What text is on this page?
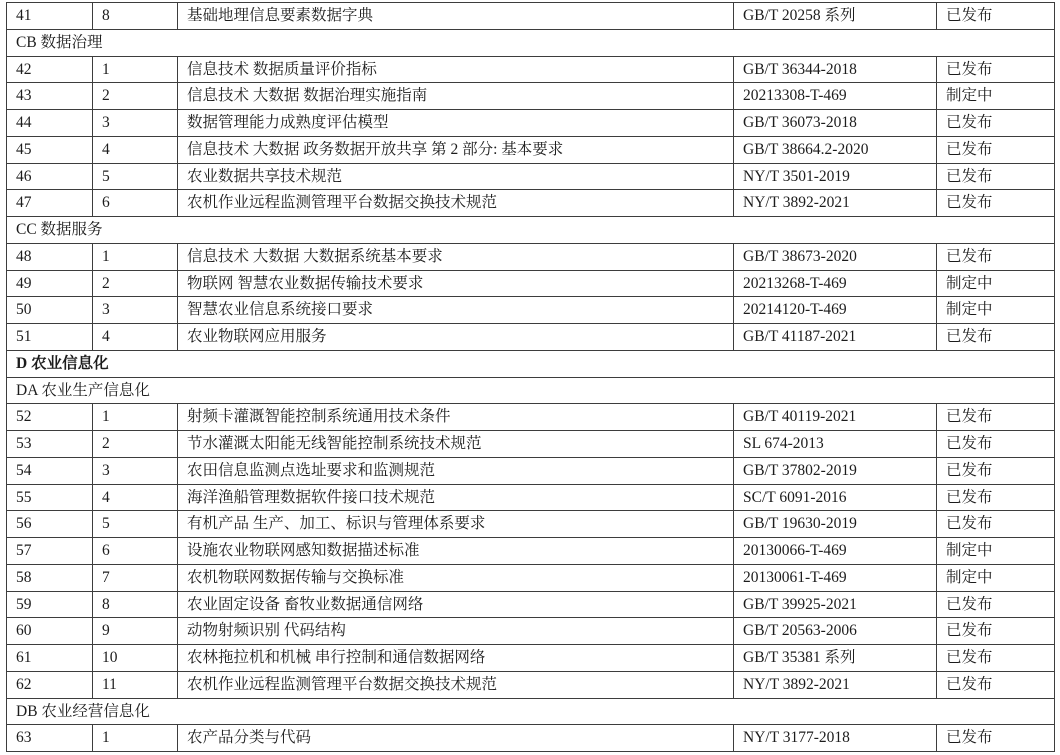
41	8	基础地理信息要素数据字典	GB/T 20258 系列	已发布
CB 数据治理				
42	1	信息技术 数据质量评价指标	GB/T 36344-2018	已发布
43	2	信息技术 大数据 数据治理实施指南	20213308-T-469	制定中
44	3	数据管理能力成熟度评估模型	GB/T 36073-2018	已发布
45	4	信息技术 大数据 政务数据开放共享 第 2 部分: 基本要求	GB/T 38664.2-2020	已发布
46	5	农业数据共享技术规范	NY/T 3501-2019	已发布
47	6	农机作业远程监测管理平台数据交换技术规范	NY/T 3892-2021	已发布
CC 数据服务				
48	1	信息技术 大数据 大数据系统基本要求	GB/T 38673-2020	已发布
49	2	物联网 智慧农业数据传输技术要求	20213268-T-469	制定中
50	3	智慧农业信息系统接口要求	20214120-T-469	制定中
51	4	农业物联网应用服务	GB/T 41187-2021	已发布
D 农业信息化				
DA 农业生产信息化				
52	1	射频卡灌溉智能控制系统通用技术条件	GB/T 40119-2021	已发布
53	2	节水灌溉太阳能无线智能控制系统技术规范	SL 674-2013	已发布
54	3	农田信息监测点选址要求和监测规范	GB/T 37802-2019	已发布
55	4	海洋渔船管理数据软件接口技术规范	SC/T 6091-2016	已发布
56	5	有机产品 生产、加工、标识与管理体系要求	GB/T 19630-2019	已发布
57	6	设施农业物联网感知数据描述标准	20130066-T-469	制定中
58	7	农机物联网数据传输与交换标准	20130061-T-469	制定中
59	8	农业固定设备 畜牧业数据通信网络	GB/T 39925-2021	已发布
60	9	动物射频识别 代码结构	GB/T 20563-2006	已发布
61	10	农林拖拉机和机械 串行控制和通信数据网络	GB/T 35381 系列	已发布
62	11	农机作业远程监测管理平台数据交换技术规范	NY/T 3892-2021	已发布
DB 农业经营信息化				
63	1	农产品分类与代码	NY/T 3177-2018	已发布
